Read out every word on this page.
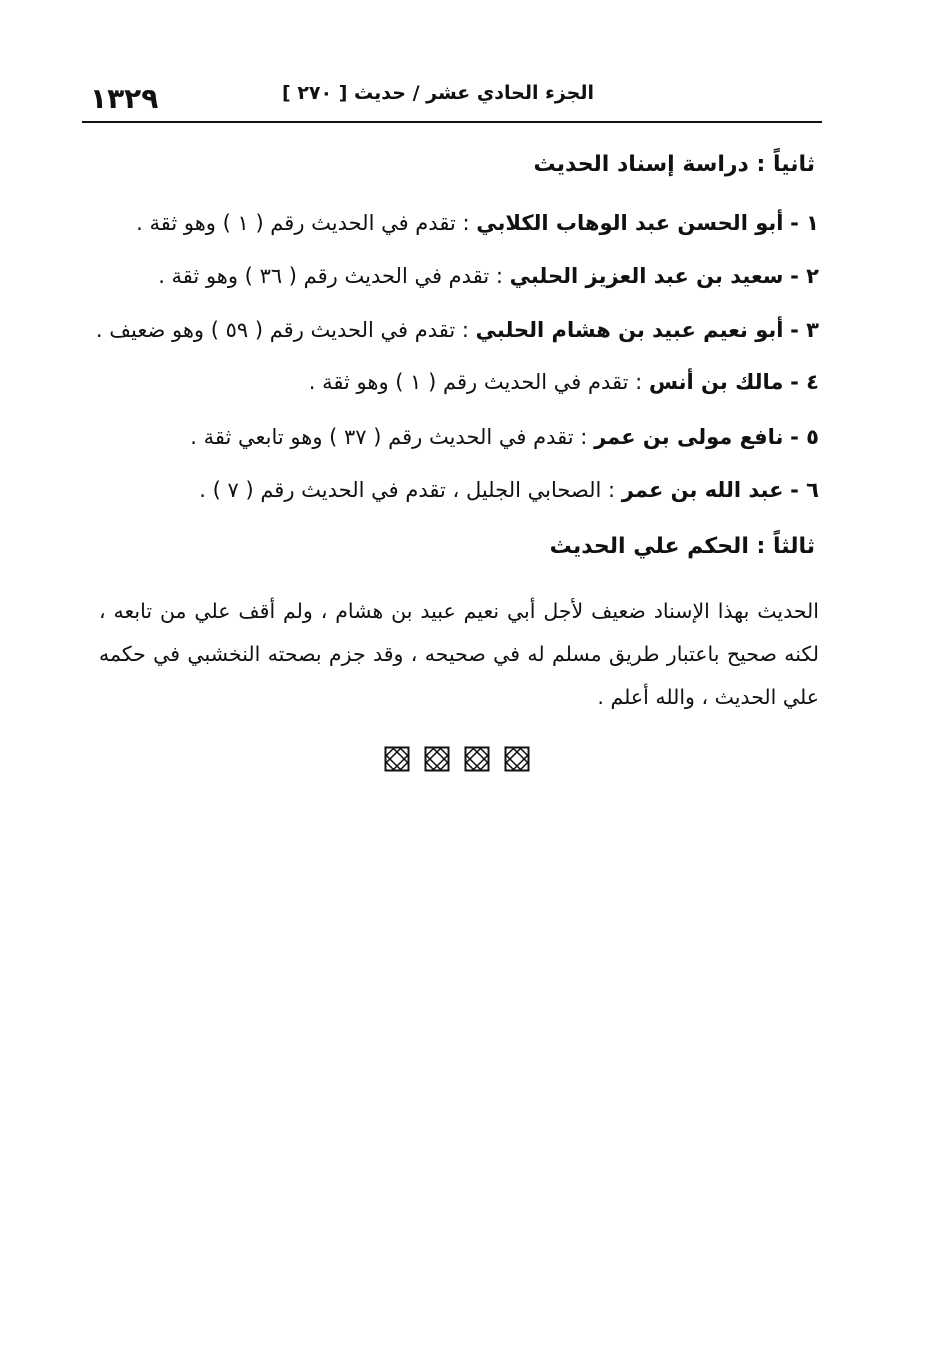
١٣٢٩	الجزء الحادي عشر / حديث [ ٢٧٠ ]
ثانياً : دراسة إسناد الحديث
١ - أبو الحسن عبد الوهاب الكلابي : تقدم في الحديث رقم ( ١ ) وهو ثقة .
٢ - سعيد بن عبد العزيز الحلبي : تقدم في الحديث رقم ( ٣٦ ) وهو ثقة .
٣ - أبو نعيم عبيد بن هشام الحلبي : تقدم في الحديث رقم ( ٥٩ ) وهو ضعيف .
٤ - مالك بن أنس : تقدم في الحديث رقم ( ١ ) وهو ثقة .
٥ - نافع مولى بن عمر : تقدم في الحديث رقم ( ٣٧ ) وهو تابعي ثقة .
٦ - عبد الله بن عمر : الصحابي الجليل ، تقدم في الحديث رقم ( ٧ ) .
ثالثاً : الحكم علي الحديث
الحديث بهذا الإسناد ضعيف لأجل أبي نعيم عبيد بن هشام ، ولم أقف علي من تابعه ، لكنه صحيح باعتبار طريق مسلم له في صحيحه ، وقد جزم بصحته النخشبي في حكمه علي الحديث ، والله أعلم .
